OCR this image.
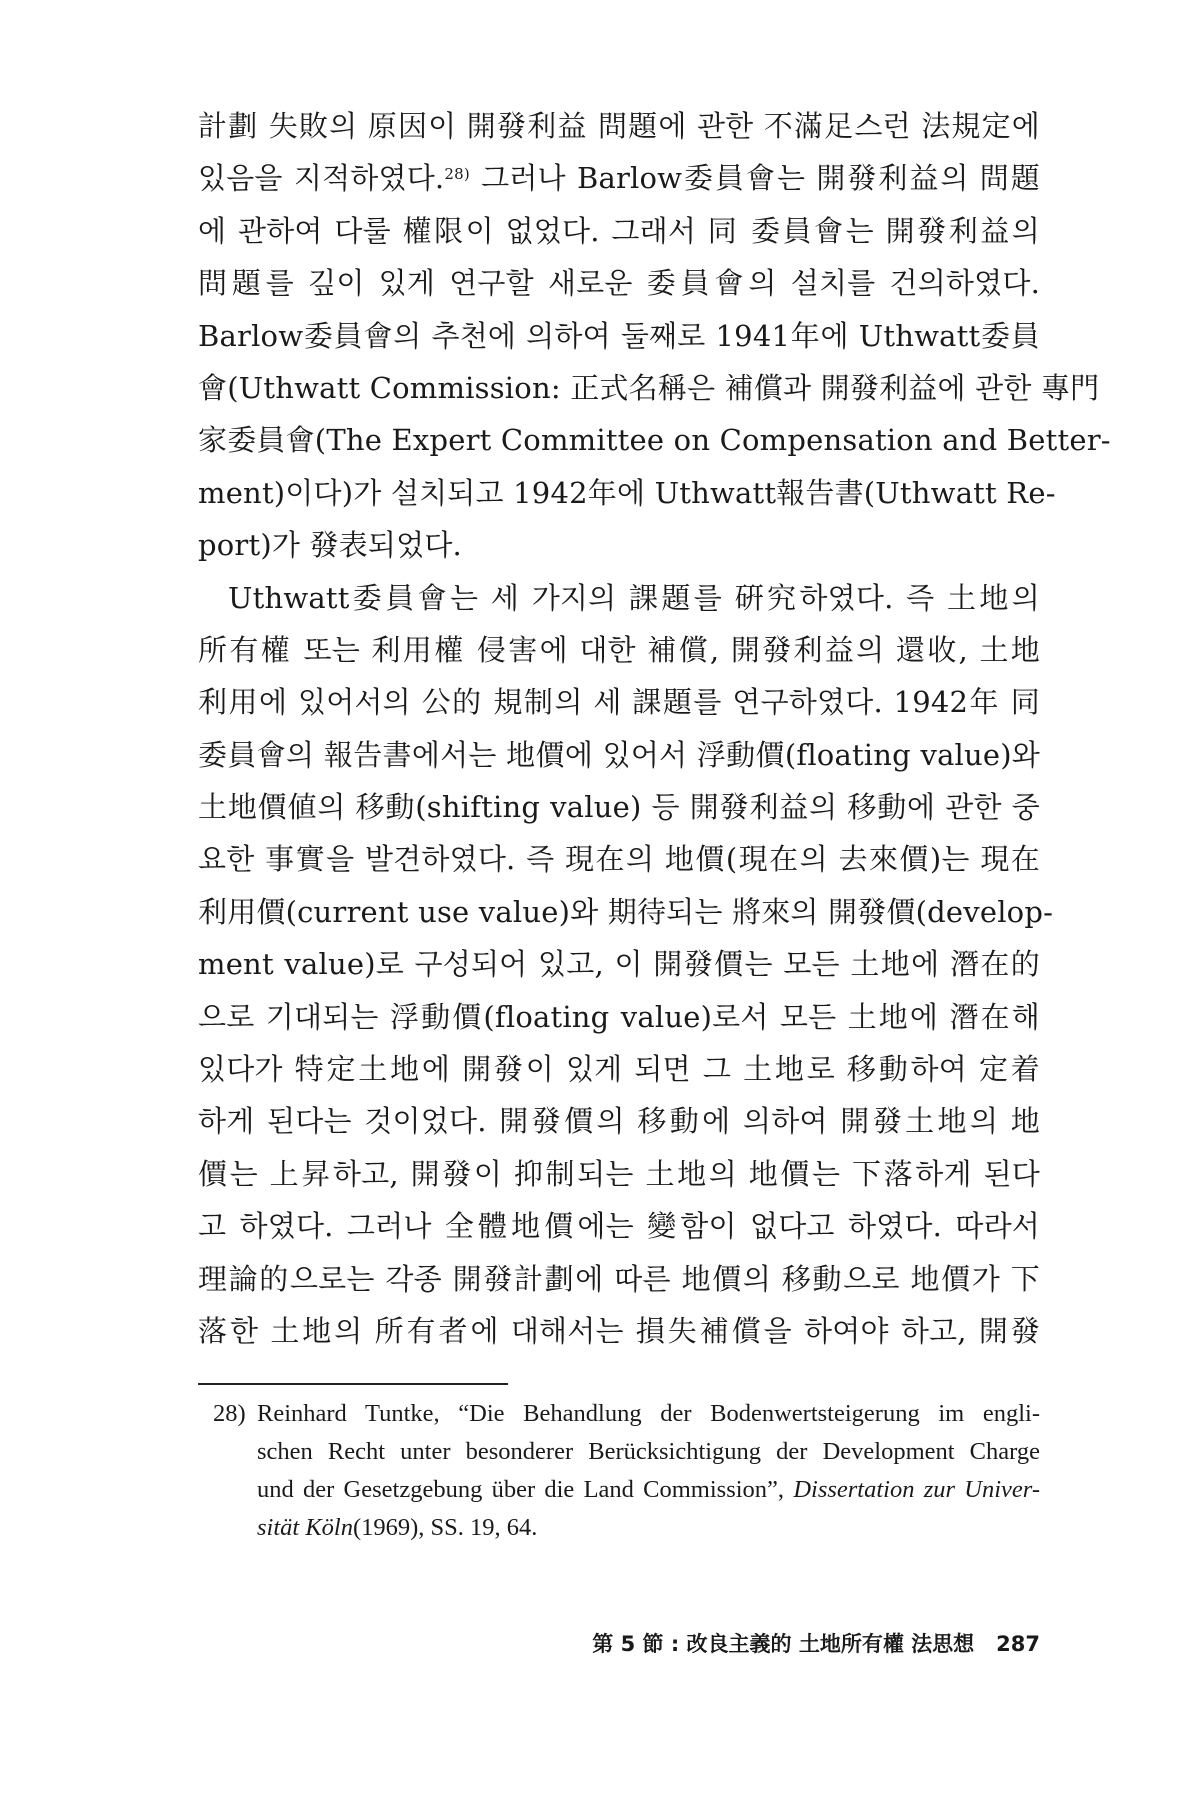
計劃 失敗의 原因이 開發利益 問題에 관한 不滿足스런 法規定에
있음을 지적하였다.$^{28)}$ 그러나 Barlow委員會는 開發利益의 問題
에 관하여 다룰 權限이 없었다. 그래서 同 委員會는 開發利益의
問題를 깊이 있게 연구할 새로운 委員會의 설치를 건의하였다.
Barlow委員會의 추천에 의하여 둘째로 1941年에 Uthwatt委員
會(Uthwatt Commission: 正式名稱은 補償과 開發利益에 관한 專門
家委員會(The Expert Committee on Compensation and Better-
ment)이다)가 설치되고 1942年에 Uthwatt報告書(Uthwatt Re-
port)가 發表되었다.
Uthwatt委員會는 세 가지의 課題를 硏究하였다. 즉 土地의
所有權 또는 利用權 侵害에 대한 補償, 開發利益의 還收, 土地
利用에 있어서의 公的 規制의 세 課題를 연구하였다. 1942年 同
委員會의 報告書에서는 地價에 있어서 浮動價(floating value)와
土地價値의 移動(shifting value) 등 開發利益의 移動에 관한 중
요한 事實을 발견하였다. 즉 現在의 地價(現在의 去來價)는 現在
利用價(current use value)와 期待되는 將來의 開發價(develop-
ment value)로 구성되어 있고, 이 開發價는 모든 土地에 潛在的
으로 기대되는 浮動價(floating value)로서 모든 土地에 潛在해
있다가 特定土地에 開發이 있게 되면 그 土地로 移動하여 定着
하게 된다는 것이었다. 開發價의 移動에 의하여 開發土地의 地
價는 上昇하고, 開發이 抑制되는 土地의 地價는 下落하게 된다
고 하였다. 그러나 全體地價에는 變함이 없다고 하였다. 따라서
理論的으로는 각종 開發計劃에 따른 地價의 移動으로 地價가 下
落한 土地의 所有者에 대해서는 損失補償을 하여야 하고, 開發
28) Reinhard Tuntke, “Die Behandlung der Bodenwertsteigerung im engli-
schen Recht unter besonderer Berücksichtigung der Development Charge
und der Gesetzgebung über die Land Commission”, Dissertation zur Univer-
sität Köln(1969), SS. 19, 64.
第 5 節 : 改良主義的 土地所有權 法思想 287
